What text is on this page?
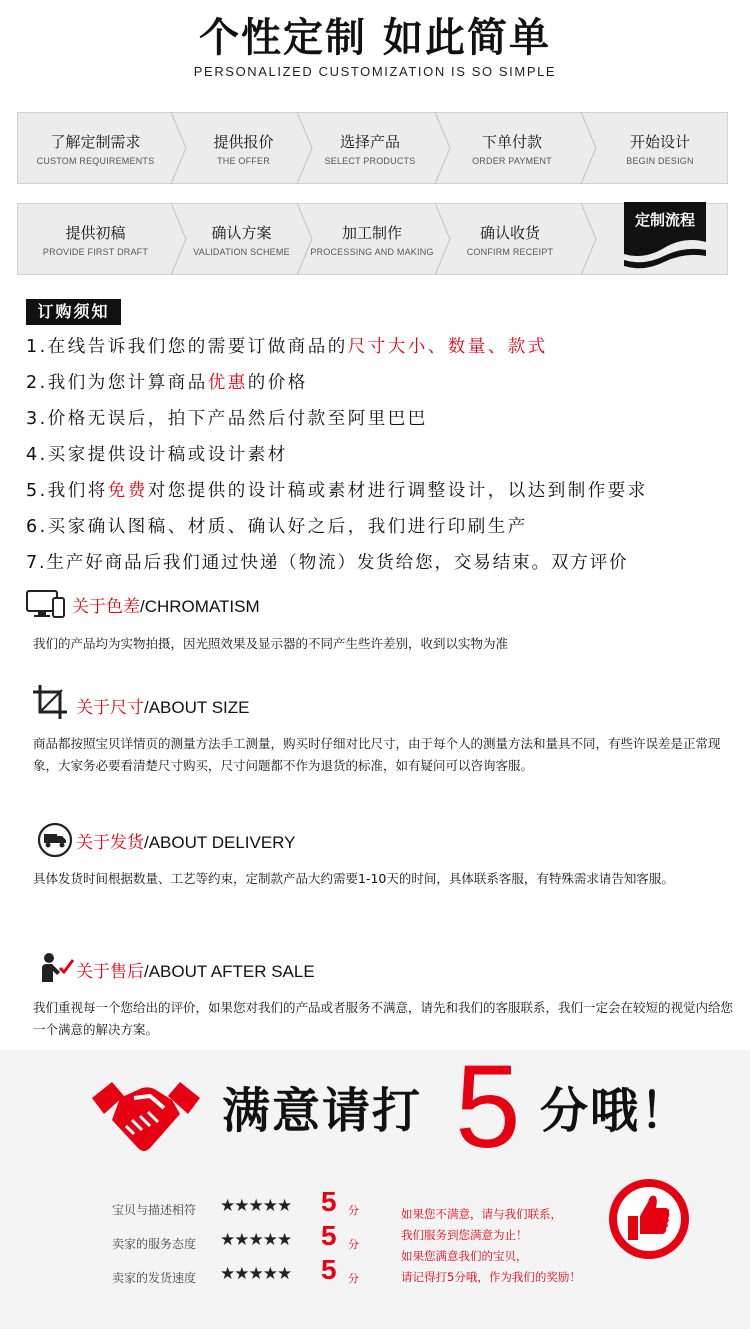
个性定制 如此简单
PERSONALIZED CUSTOMIZATION IS SO SIMPLE
了解定制需求
CUSTOM REQUIREMENTS
提供报价
THE OFFER
选择产品
SELECT PRODUCTS
下单付款
ORDER PAYMENT
开始设计
BEGIN DESIGN
提供初稿
PROVIDE FIRST DRAFT
确认方案
VALIDATION SCHEME
加工制作
PROCESSING AND MAKING
确认收货
CONFIRM RECEIPT
定制流程
订购须知
1.在线告诉我们您的需要订做商品的尺寸大小、数量、款式
2.我们为您计算商品优惠的价格
3.价格无误后，拍下产品然后付款至阿里巴巴
4.买家提供设计稿或设计素材
5.我们将免费对您提供的设计稿或素材进行调整设计，以达到制作要求
6.买家确认图稿、材质、确认好之后，我们进行印刷生产
7.生产好商品后我们通过快递（物流）发货给您，交易结束。双方评价
关于色差/CHROMATISM
我们的产品均为实物拍摄，因光照效果及显示器的不同产生些许差别，收到以实物为准
关于尺寸/ABOUT SIZE
商品都按照宝贝详情页的测量方法手工测量，购买时仔细对比尺寸，由于每个人的测量方法和量具不同，有些许误差是正常现象，大家务必要看清楚尺寸购买，尺寸问题都不作为退货的标准，如有疑问可以咨询客服。
关于发货/ABOUT DELIVERY
具体发货时间根据数量、工艺等约束，定制款产品大约需要1-10天的时间，具体联系客服，有特殊需求请告知客服。
关于售后/ABOUT AFTER SALE
我们重视每一个您给出的评价，如果您对我们的产品或者服务不满意，请先和我们的客服联系，我们一定会在较短的视觉内给您一个满意的解决方案。
满意请打 5 分哦！
宝贝与描述相符 ★★★★★ 5 分
卖家的服务态度 ★★★★★ 5 分
卖家的发货速度 ★★★★★ 5 分
如果您不满意，请与我们联系，
我们服务到您满意为止！
如果您满意我们的宝贝，
请记得打5分哦，作为我们的奖励！
